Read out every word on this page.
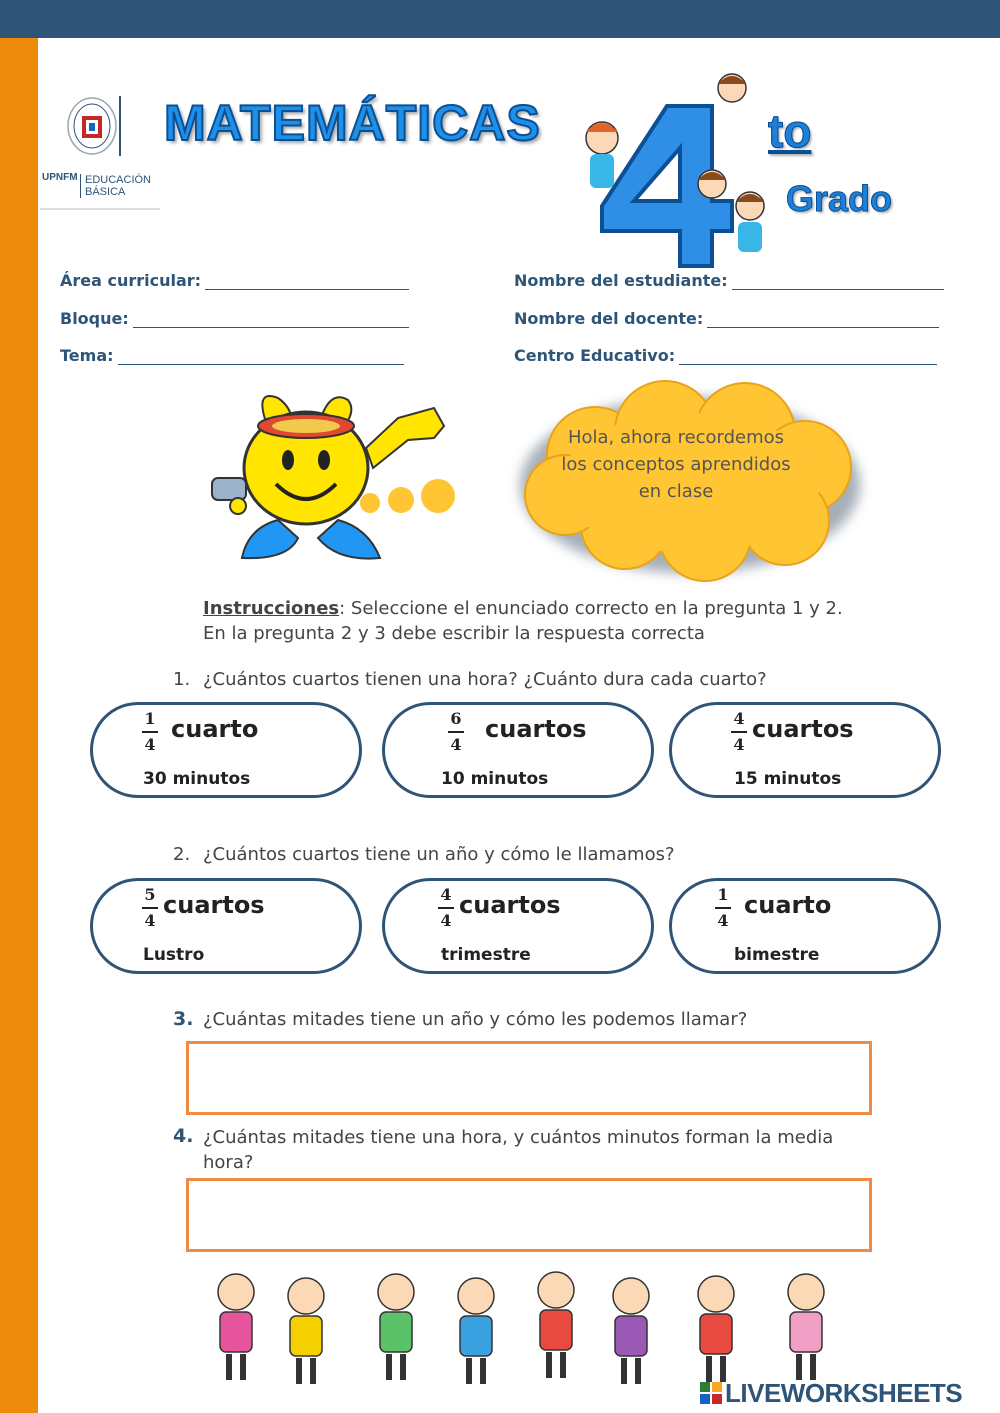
UPNFM EDUCACIÓN
BÁSICA
MATEMÁTICAS	to
Grado
Área curricular:
Bloque:
Tema:
Nombre del estudiante:
Nombre del docente:
Centro Educativo:
Hola, ahora recordemos los conceptos aprendidos en clase
Instrucciones: Seleccione el enunciado correcto en la pregunta 1 y 2. En la pregunta 2 y 3 debe escribir la respuesta correcta
1. ¿Cuántos cuartos tienen una hora? ¿Cuánto dura cada cuarto?
1
4
cuarto
30 minutos
6
4
cuartos
10 minutos
4
4
cuartos
15 minutos
2. ¿Cuántos cuartos tiene un año y cómo le llamamos?
5
4
cuartos
Lustro
4
4
cuartos
trimestre
1
4
cuarto
bimestre
3. ¿Cuántas mitades tiene un año y cómo les podemos llamar?
4. ¿Cuántas mitades tiene una hora, y cuántos minutos forman la media hora?
LIVEWORKSHEETS
